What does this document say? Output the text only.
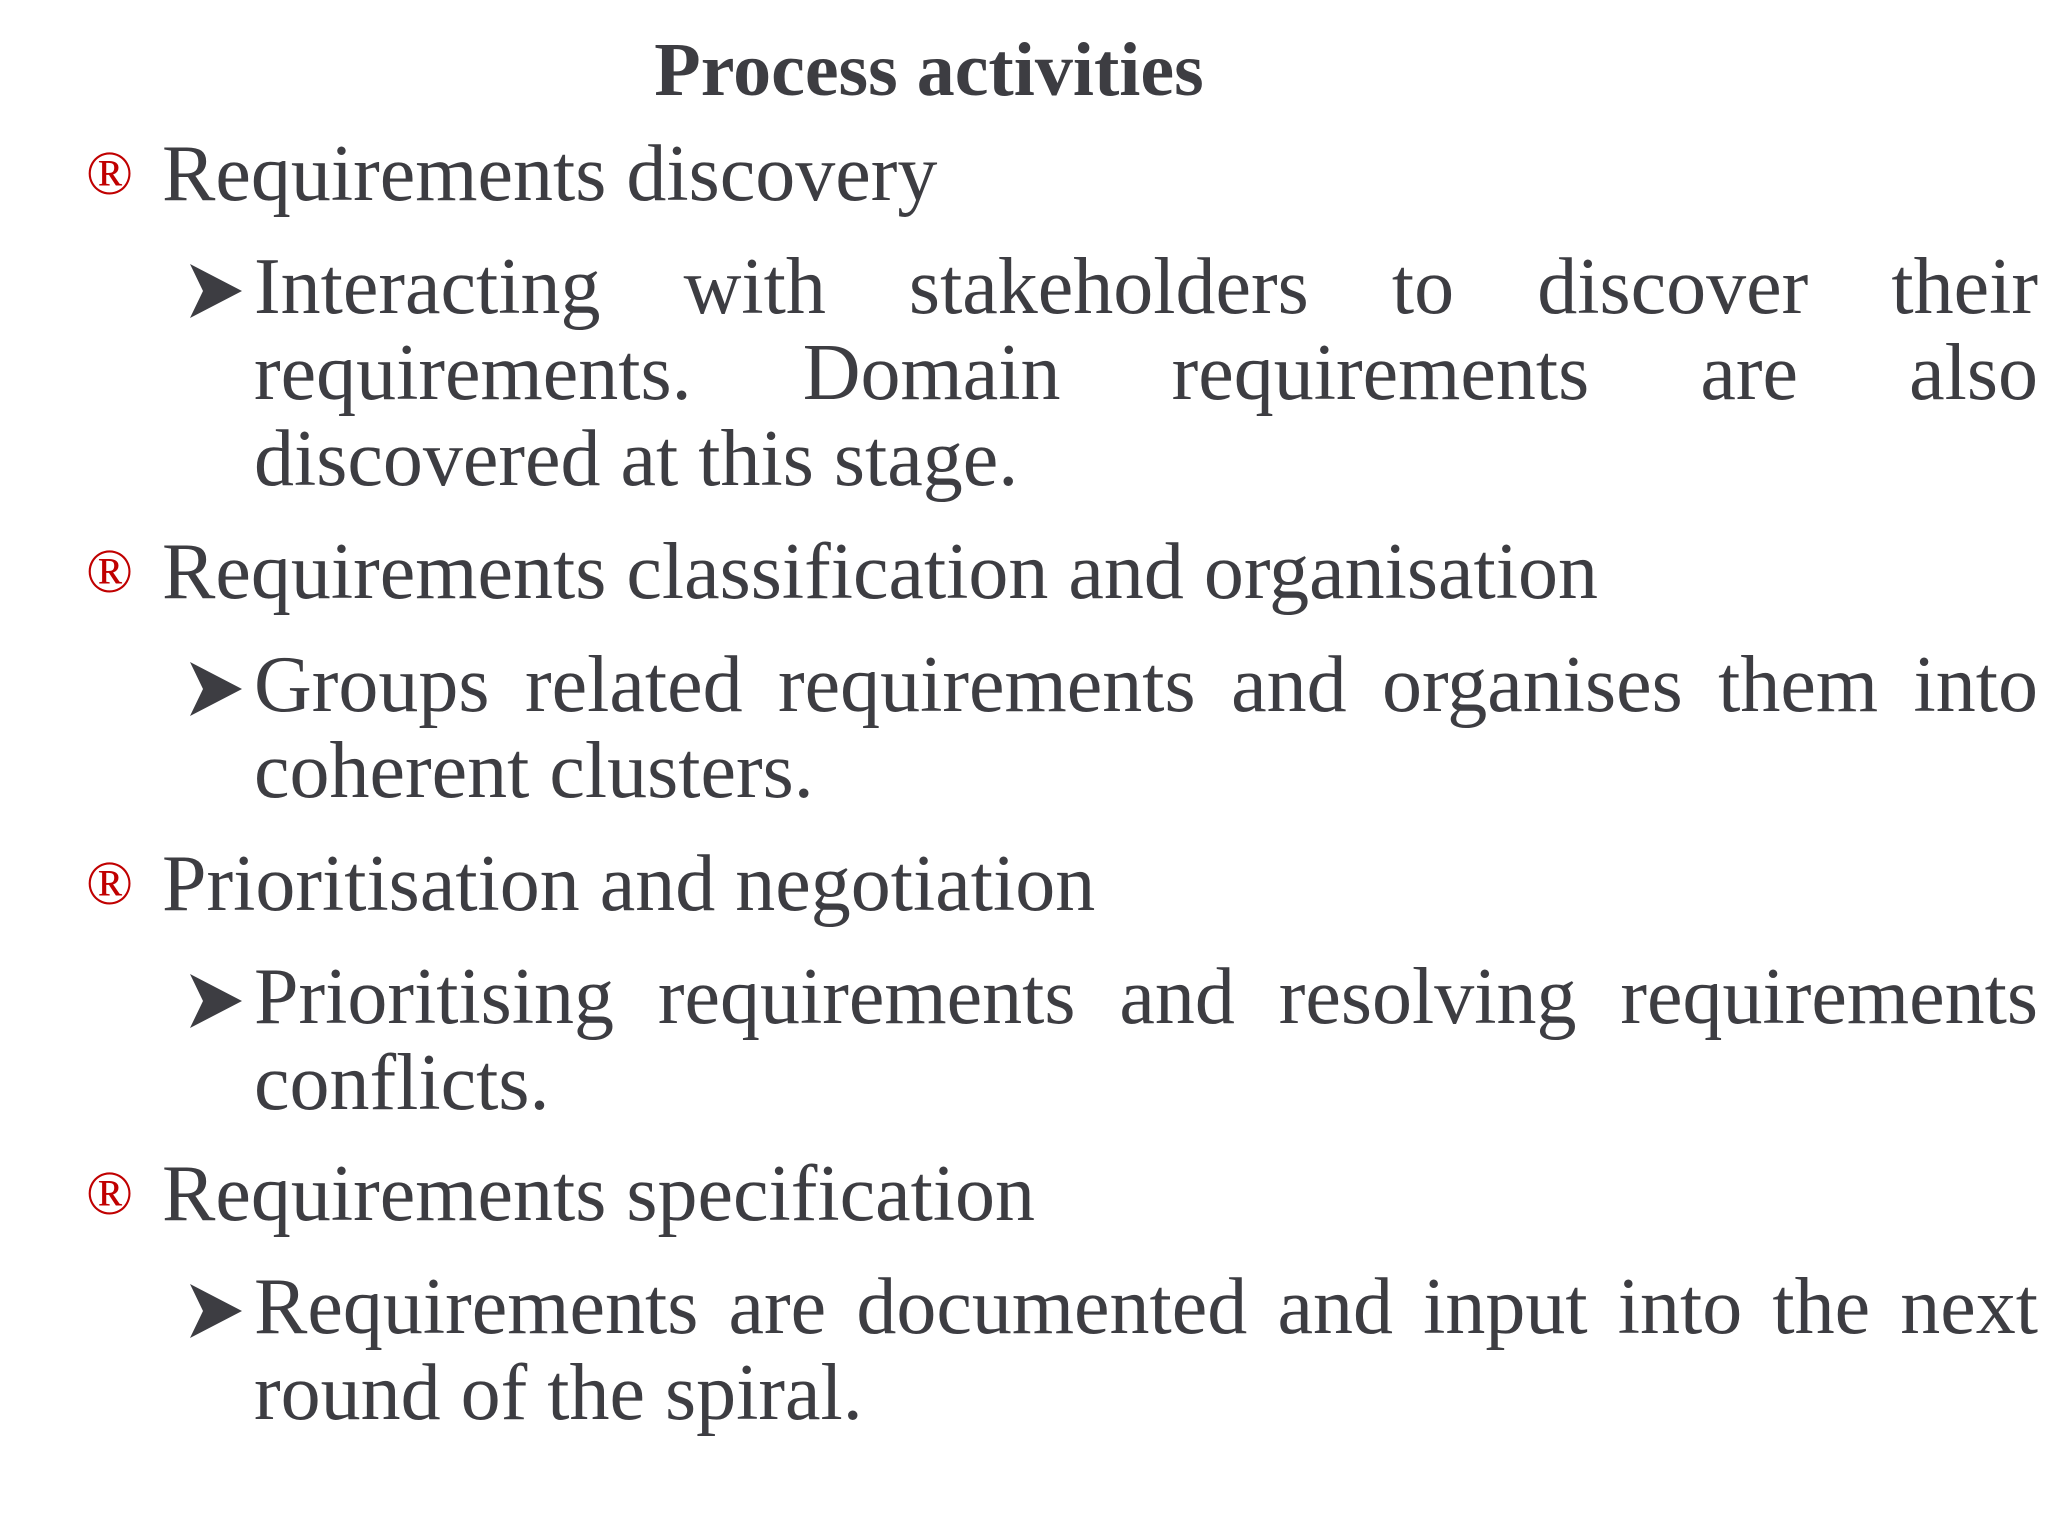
Process activities
® Requirements discovery
Interacting with stakeholders to discover their requirements. Domain requirements are also discovered at this stage.
® Requirements classification and organisation
Groups related requirements and organises them into coherent clusters.
® Prioritisation and negotiation
Prioritising requirements and resolving requirements conflicts.
® Requirements specification
Requirements are documented and input into the next round of the spiral.
